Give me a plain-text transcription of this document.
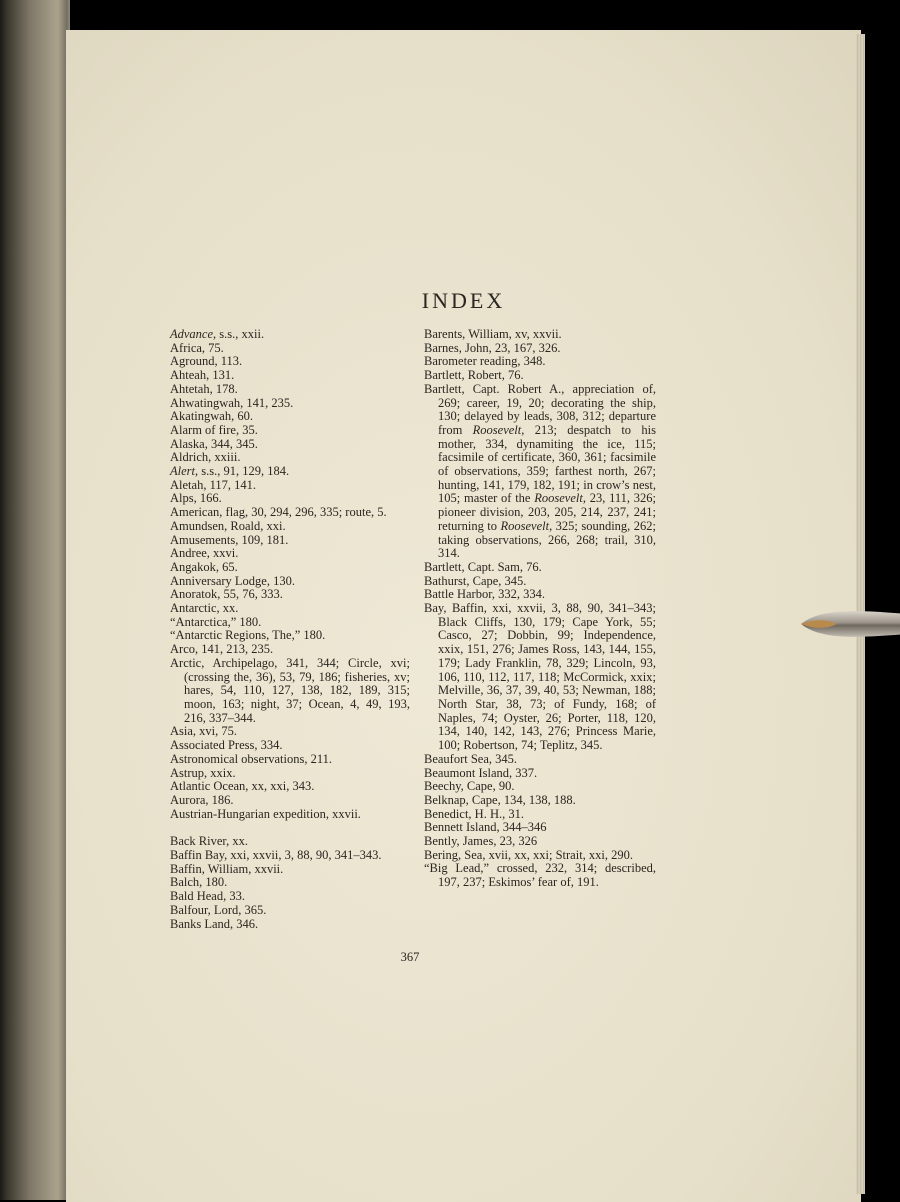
INDEX
Advance, s.s., xxii.
Africa, 75.
Aground, 113.
Ahteah, 131.
Ahtetah, 178.
Ahwatingwah, 141, 235.
Akatingwah, 60.
Alarm of fire, 35.
Alaska, 344, 345.
Aldrich, xxiii.
Alert, s.s., 91, 129, 184.
Aletah, 117, 141.
Alps, 166.
American, flag, 30, 294, 296, 335; route, 5.
Amundsen, Roald, xxi.
Amusements, 109, 181.
Andree, xxvi.
Angakok, 65.
Anniversary Lodge, 130.
Anoratok, 55, 76, 333.
Antarctic, xx.
“Antarctica,” 180.
“Antarctic Regions, The,” 180.
Arco, 141, 213, 235.
Arctic, Archipelago, 341, 344; Circle, xvi; (crossing the, 36), 53, 79, 186; fisheries, xv; hares, 54, 110, 127, 138, 182, 189, 315; moon, 163; night, 37; Ocean, 4, 49, 193, 216, 337–344.
Asia, xvi, 75.
Associated Press, 334.
Astronomical observations, 211.
Astrup, xxix.
Atlantic Ocean, xx, xxi, 343.
Aurora, 186.
Austrian-Hungarian expedition, xxvii.
Back River, xx.
Baffin Bay, xxi, xxvii, 3, 88, 90, 341–343.
Baffin, William, xxvii.
Balch, 180.
Bald Head, 33.
Balfour, Lord, 365.
Banks Land, 346.
Barents, William, xv, xxvii.
Barnes, John, 23, 167, 326.
Barometer reading, 348.
Bartlett, Robert, 76.
Bartlett, Capt. Robert A., appreciation of, 269; career, 19, 20; decorating the ship, 130; delayed by leads, 308, 312; departure from Roosevelt, 213; despatch to his mother, 334, dynamiting the ice, 115; facsimile of certificate, 360, 361; facsimile of observations, 359; farthest north, 267; hunting, 141, 179, 182, 191; in crow’s nest, 105; master of the Roosevelt, 23, 111, 326; pioneer division, 203, 205, 214, 237, 241; returning to Roosevelt, 325; sounding, 262; taking observations, 266, 268; trail, 310, 314.
Bartlett, Capt. Sam, 76.
Bathurst, Cape, 345.
Battle Harbor, 332, 334.
Bay, Baffin, xxi, xxvii, 3, 88, 90, 341–343; Black Cliffs, 130, 179; Cape York, 55; Casco, 27; Dobbin, 99; Independence, xxix, 151, 276; James Ross, 143, 144, 155, 179; Lady Franklin, 78, 329; Lincoln, 93, 106, 110, 112, 117, 118; McCormick, xxix; Melville, 36, 37, 39, 40, 53; Newman, 188; North Star, 38, 73; of Fundy, 168; of Naples, 74; Oyster, 26; Porter, 118, 120, 134, 140, 142, 143, 276; Princess Marie, 100; Robertson, 74; Teplitz, 345.
Beaufort Sea, 345.
Beaumont Island, 337.
Beechy, Cape, 90.
Belknap, Cape, 134, 138, 188.
Benedict, H. H., 31.
Bennett Island, 344–346
Bently, James, 23, 326
Bering, Sea, xvii, xx, xxi; Strait, xxi, 290.
“Big Lead,” crossed, 232, 314; described, 197, 237; Eskimos’ fear of, 191.
367
